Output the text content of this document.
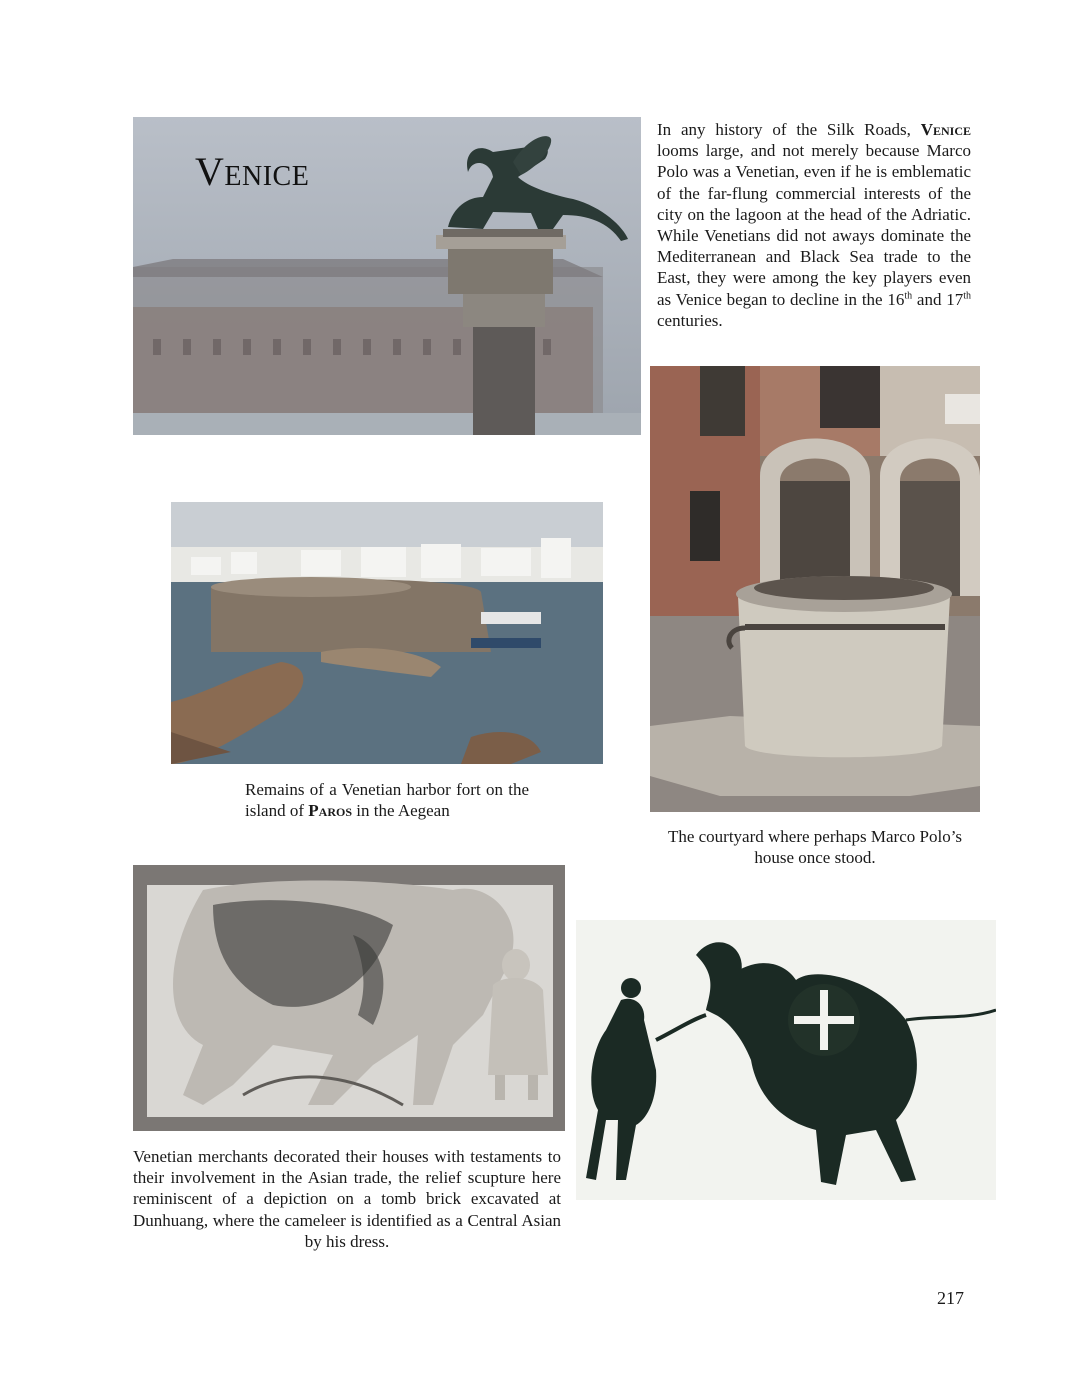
Venice
In any history of the Silk Roads, Venice looms large, and not merely because Marco Polo was a Venetian, even if he is emblematic of the far-flung commercial interests of the city on the lagoon at the head of the Adriatic. While Venetians did not aways dominate the Mediterranean and Black Sea trade to the East, they were among the key players even as Venice began to decline in the 16th and 17th centuries.
Remains of a Venetian harbor fort on the island of Paros in the Aegean
The courtyard where perhaps Marco Polo’s house once stood.
Venetian merchants decorated their houses with testaments to their involvement in the Asian trade, the relief scupture here reminiscent of a depiction on a tomb brick excavated at Dunhuang, where the cameleer is identified as a Central Asian by his dress.
217
